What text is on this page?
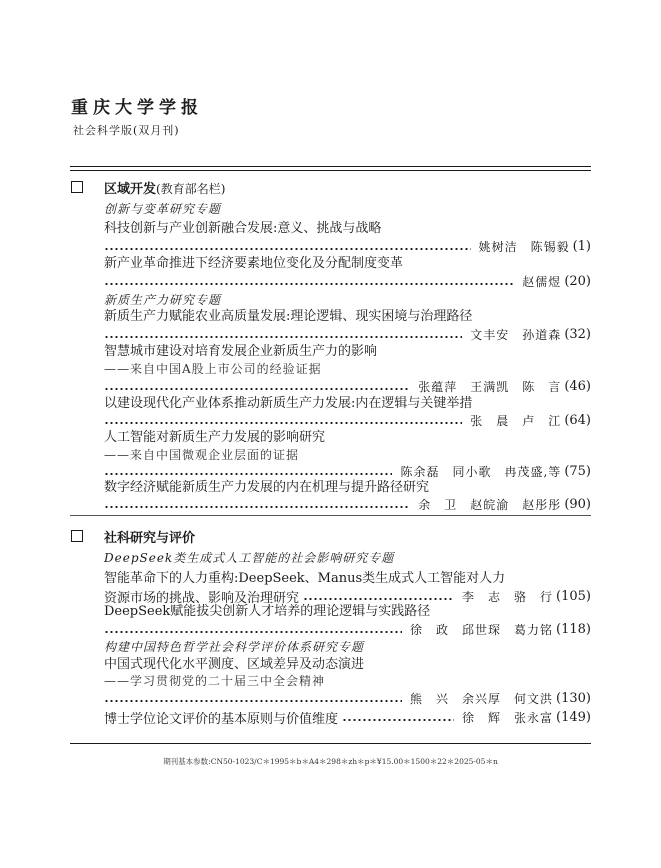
重庆大学学报
社会科学版(双月刊)
区域开发(教育部名栏)
创新与变革研究专题
科技创新与产业创新融合发展:意义、挑战与战略
姚树洁　陈锡毅 (1)
新产业革命推进下经济要素地位变化及分配制度变革
赵儒煜 (20)
新质生产力研究专题
新质生产力赋能农业高质量发展:理论逻辑、现实困境与治理路径
文丰安　孙道森 (32)
智慧城市建设对培育发展企业新质生产力的影响
——来自中国A股上市公司的经验证据
张蕴萍　王满凯　陈　言 (46)
以建设现代化产业体系推动新质生产力发展:内在逻辑与关键举措
张　晨　卢　江 (64)
人工智能对新质生产力发展的影响研究
——来自中国微观企业层面的证据
陈余磊　同小歌　冉茂盛,等 (75)
数字经济赋能新质生产力发展的内在机理与提升路径研究
余　卫　赵皖渝　赵彤彤 (90)
社科研究与评价
DeepSeek类生成式人工智能的社会影响研究专题
智能革命下的人力重构:DeepSeek、Manus类生成式人工智能对人力
资源市场的挑战、影响及治理研究	李　志　骆　行 (105)
DeepSeek赋能拔尖创新人才培养的理论逻辑与实践路径
徐　政　邱世琛　葛力铭 (118)
构建中国特色哲学社会科学评价体系研究专题
中国式现代化水平测度、区域差异及动态演进
——学习贯彻党的二十届三中全会精神
熊　兴　余兴厚　何文洪 (130)
博士学位论文评价的基本原则与价值维度	徐　辉　张永富 (149)
期刊基本参数:CN50-1023/C＊1995＊b＊A4＊298＊zh＊p＊¥15.00＊1500＊22＊2025-05＊n
